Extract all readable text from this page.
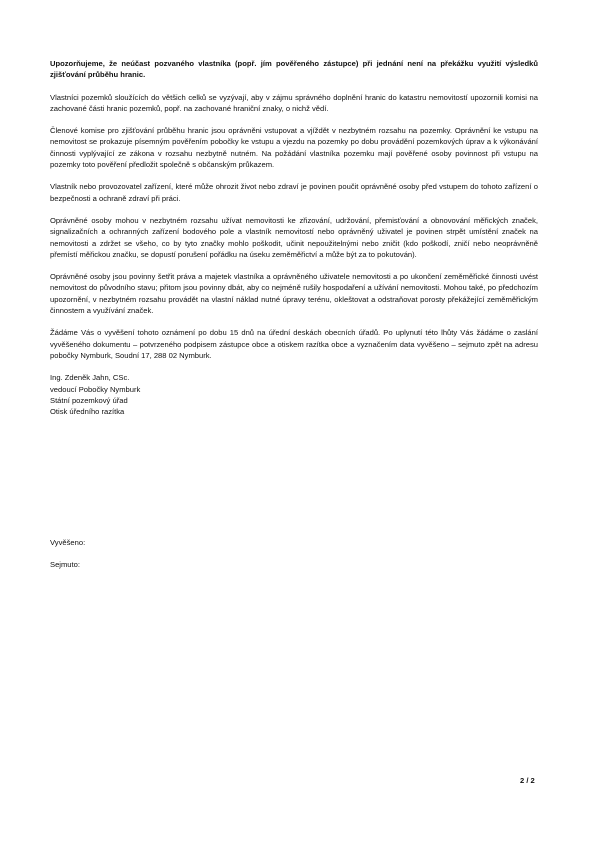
Upozorňujeme, že neúčast pozvaného vlastníka (popř. jím pověřeného zástupce) při jednání není na překážku využití výsledků zjišťování průběhu hranic.

Vlastníci pozemků sloužících do většich celků se vyzývají, aby v zájmu správného doplnění hranic do katastru nemovitostí upozornili komisi na zachované části hranic pozemků, popř. na zachované hraniční znaky, o nichž vědí.

Členové komise pro zjišťování průběhu hranic jsou oprávněni vstupovat a vjíždět v nezbytném rozsahu na pozemky. Oprávnění ke vstupu na nemovitost se prokazuje písemným pověřením pobočky ke vstupu a vjezdu na pozemky po dobu provádění pozemkových úprav a k výkonávání činnosti vyplývající ze zákona v rozsahu nezbytně nutném. Na požádání vlastníka pozemku mají pověřené osoby povinnost při vstupu na pozemky toto pověření předložit společně s občanským průkazem.

Vlastník nebo provozovatel zařízení, které může ohrozit život nebo zdraví je povinen poučit oprávněné osoby před vstupem do tohoto zařízení o bezpečnosti a ochraně zdraví při práci.

Oprávněné osoby mohou v nezbytném rozsahu užívat nemovitosti ke zřizování, udržování, přemisťování a obnovování měřických značek, signalizačních a ochranných zařízení bodového pole a vlastník nemovitostí nebo oprávněný uživatel je povinen strpět umístění značek na nemovitosti a zdržet se všeho, co by tyto značky mohlo poškodit, učinit nepoužitelnými nebo zničit (kdo poškodí, zničí nebo neoprávněně přemístí měřickou značku, se dopustí porušení pořádku na úseku zeměměřictví a může být za to pokutován).

Oprávněné osoby jsou povinny šetřit práva a majetek vlastníka a oprávněného uživatele nemovitosti a po ukončení zeměměřické činnosti uvést nemovitost do původního stavu; přitom jsou povinny dbát, aby co nejméně rušily hospodaření a užívání nemovitosti. Mohou také, po předchozím upozornění, v nezbytném rozsahu provádět na vlastní náklad nutné úpravy terénu, okleštovat a odstraňovat porosty překážející zeměměřickým činnostem a využívání značek.

Žádáme Vás o vyvěšení tohoto oznámení po dobu 15 dnů na úřední deskách obecních úřadů. Po uplynutí této lhůty Vás žádáme o zaslání vyvěšeného dokumentu – potvrzeného podpisem zástupce obce a otiskem razítka obce a vyznačením data vyvěšeno – sejmuto zpět na adresu pobočky Nymburk, Soudní 17, 288 02 Nymburk.

Ing. Zdeněk Jahn, CSc.
vedoucí Pobočky Nymburk
Státní pozemkový úřad
Otisk úředního razítka
Vyvěšeno:
Sejmuto:
2 / 2
